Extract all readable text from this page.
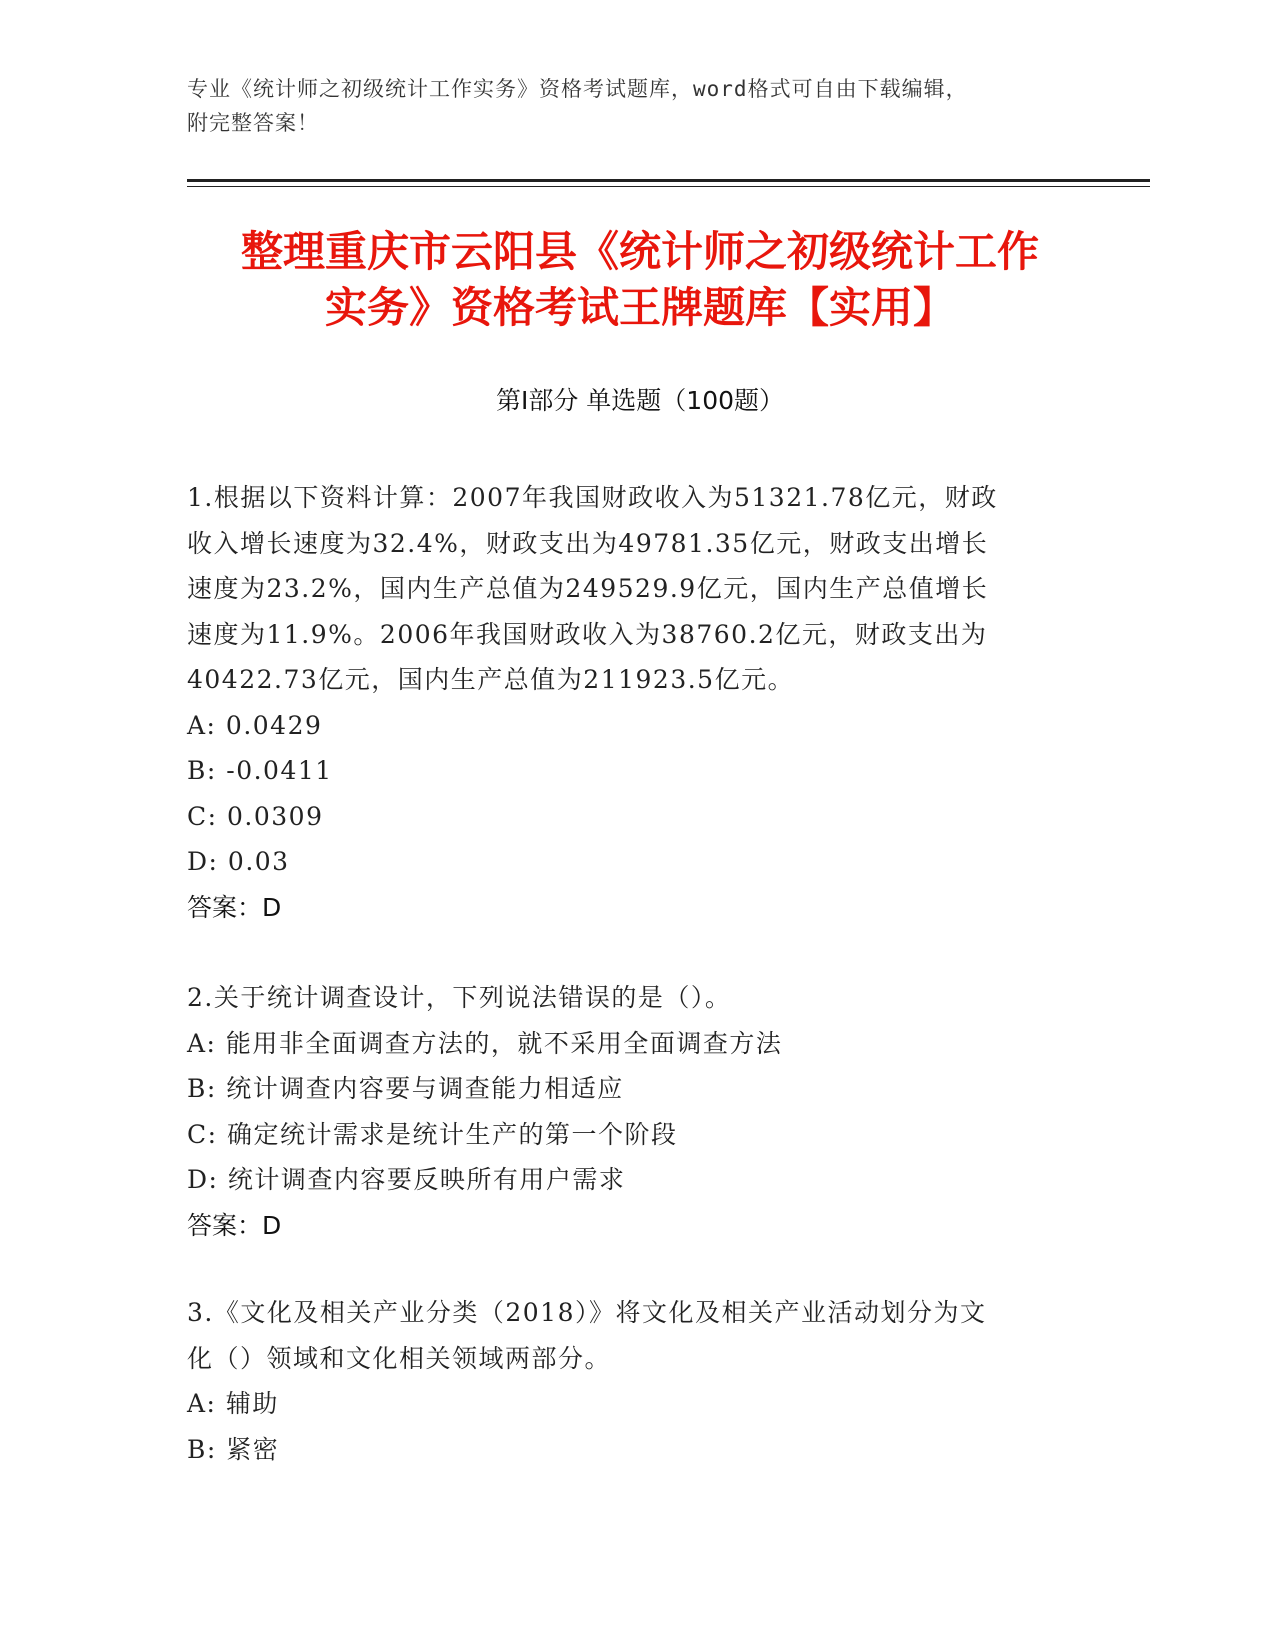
专业《统计师之初级统计工作实务》资格考试题库，word格式可自由下载编辑，
附完整答案！
整理重庆市云阳县《统计师之初级统计工作
实务》资格考试王牌题库【实用】
第Ⅰ部分 单选题（100题）
1.根据以下资料计算：2007年我国财政收入为51321.78亿元，财政
收入增长速度为32.4%，财政支出为49781.35亿元，财政支出增长
速度为23.2%，国内生产总值为249529.9亿元，国内生产总值增长
速度为11.9%。2006年我国财政收入为38760.2亿元，财政支出为
40422.73亿元，国内生产总值为211923.5亿元。
A: 0.0429
B: -0.0411
C: 0.0309
D: 0.03
答案：D
2.关于统计调查设计，下列说法错误的是（）。
A: 能用非全面调查方法的，就不采用全面调查方法
B: 统计调查内容要与调查能力相适应
C: 确定统计需求是统计生产的第一个阶段
D: 统计调查内容要反映所有用户需求
答案：D
3.《文化及相关产业分类（2018）》将文化及相关产业活动划分为文
化（）领域和文化相关领域两部分。
A: 辅助
B: 紧密
